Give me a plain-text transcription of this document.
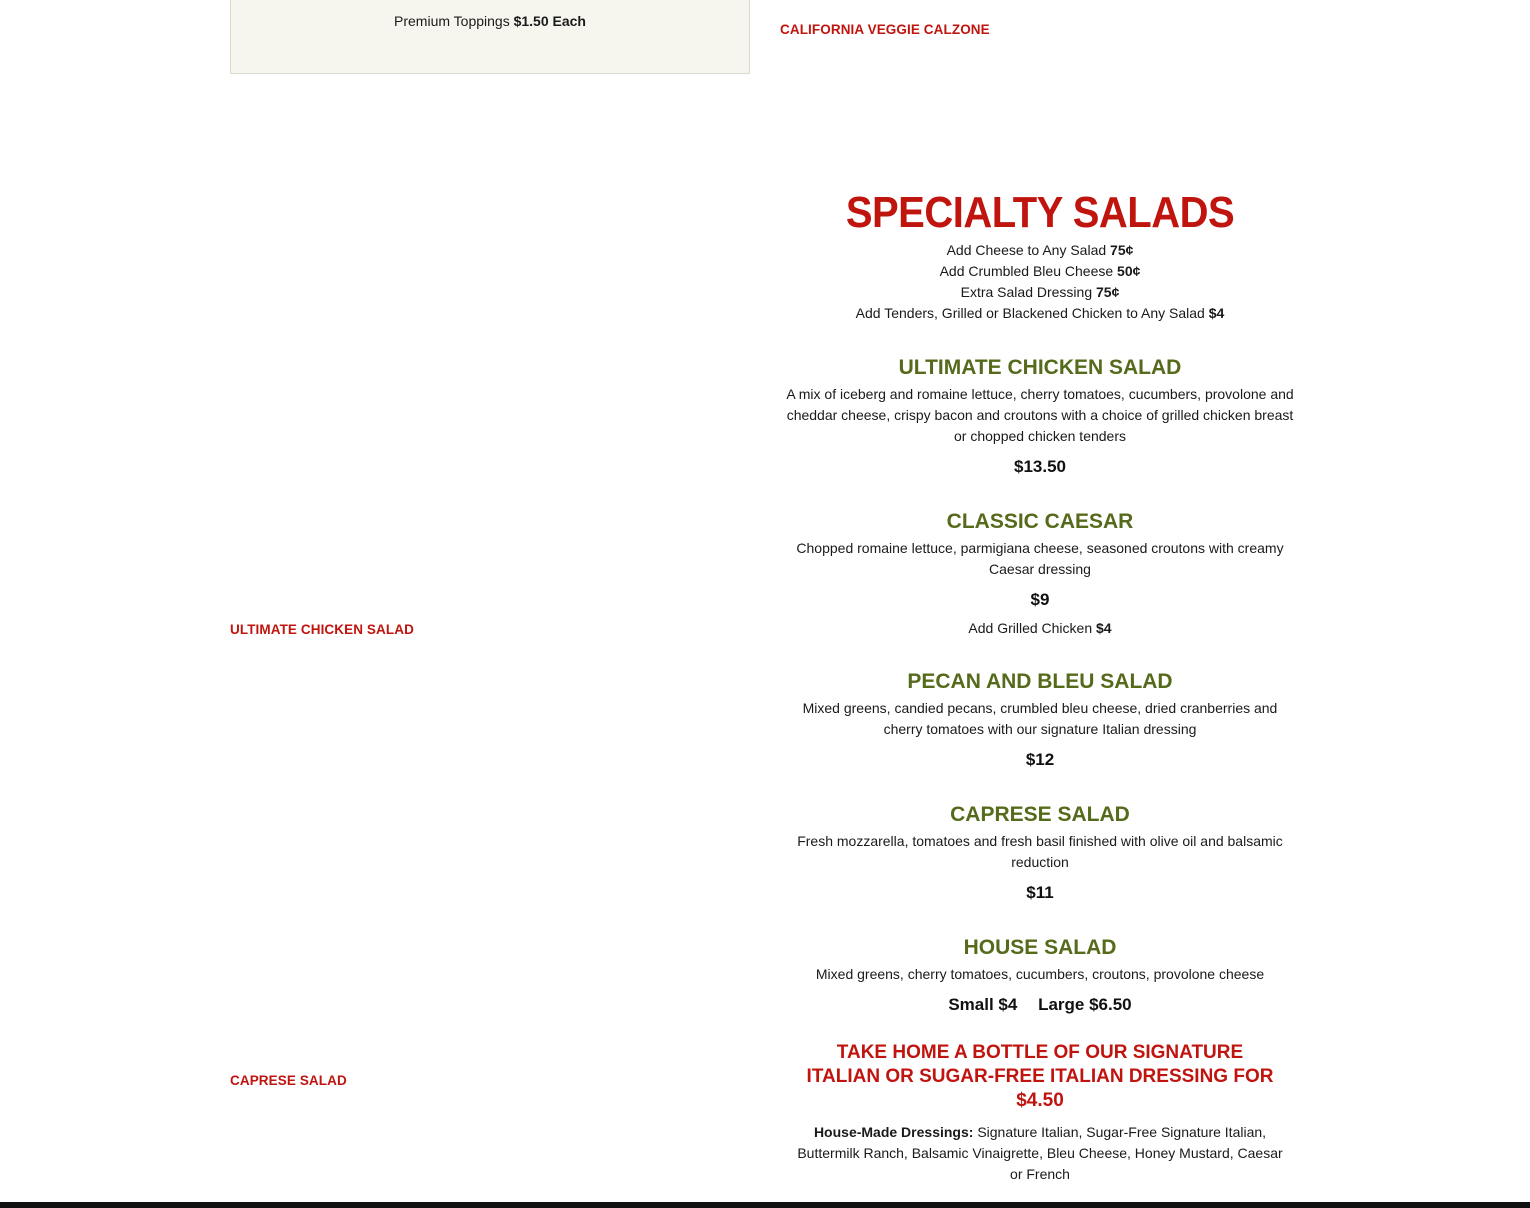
Premium Toppings $1.50 Each
CALIFORNIA VEGGIE CALZONE
ULTIMATE CHICKEN SALAD
CAPRESE SALAD
SPECIALTY SALADS
Add Cheese to Any Salad 75¢
Add Crumbled Bleu Cheese 50¢
Extra Salad Dressing 75¢
Add Tenders, Grilled or Blackened Chicken to Any Salad $4
ULTIMATE CHICKEN SALAD
A mix of iceberg and romaine lettuce, cherry tomatoes, cucumbers, provolone and cheddar cheese, crispy bacon and croutons with a choice of grilled chicken breast or chopped chicken tenders
$13.50
CLASSIC CAESAR
Chopped romaine lettuce, parmigiana cheese, seasoned croutons with creamy Caesar dressing
$9
Add Grilled Chicken $4
PECAN AND BLEU SALAD
Mixed greens, candied pecans, crumbled bleu cheese, dried cranberries and cherry tomatoes with our signature Italian dressing
$12
CAPRESE SALAD
Fresh mozzarella, tomatoes and fresh basil finished with olive oil and balsamic reduction
$11
HOUSE SALAD
Mixed greens, cherry tomatoes, cucumbers, croutons, provolone cheese
Small $4 Large $6.50
TAKE HOME A BOTTLE OF OUR SIGNATURE ITALIAN OR SUGAR-FREE ITALIAN DRESSING FOR $4.50
House-Made Dressings: Signature Italian, Sugar-Free Signature Italian, Buttermilk Ranch, Balsamic Vinaigrette, Bleu Cheese, Honey Mustard, Caesar or French
